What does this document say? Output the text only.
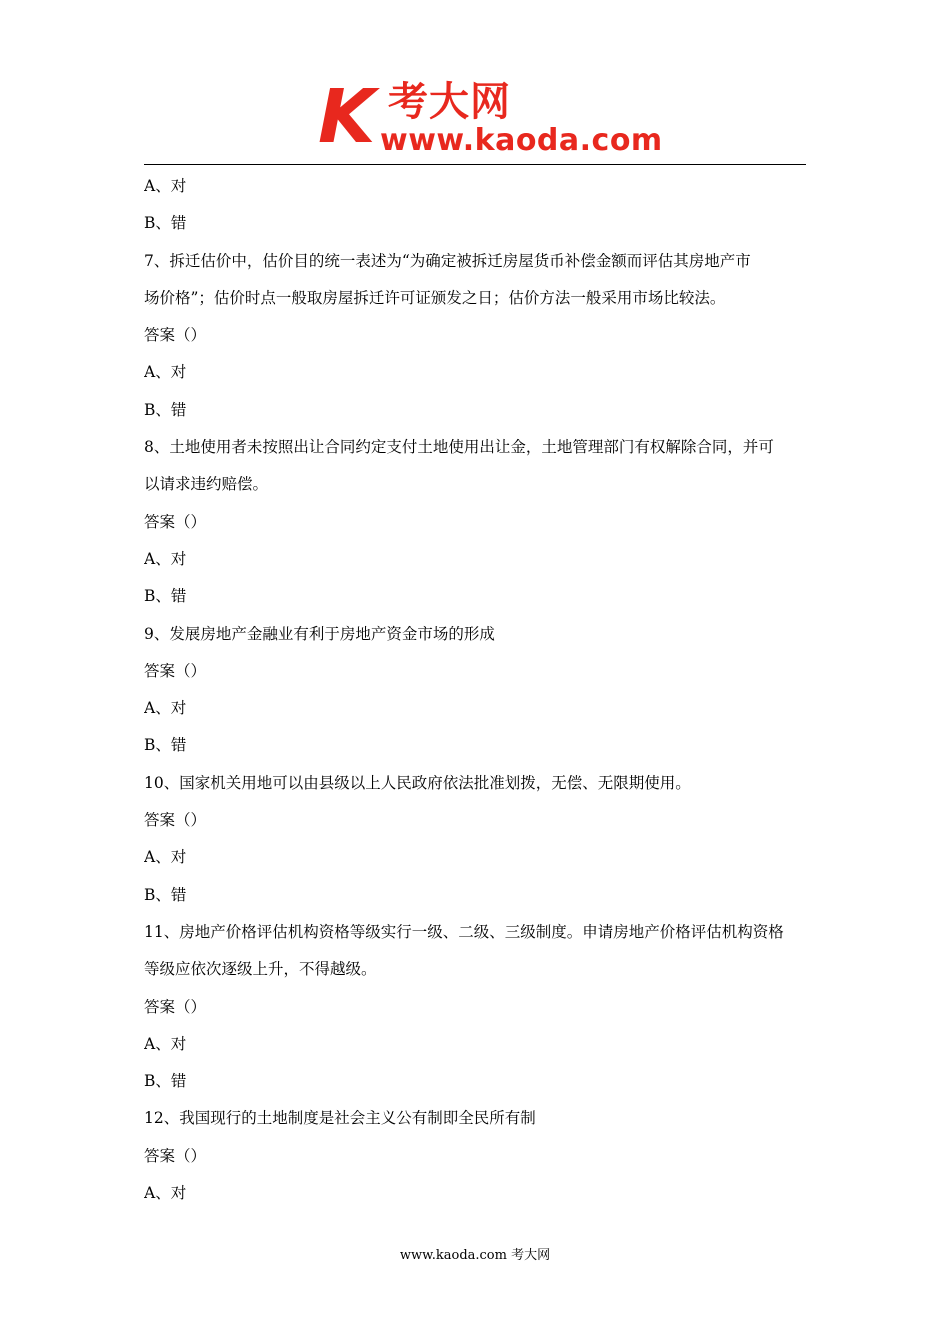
K 考大网
www.kaoda.com
A、对
B、错
7、拆迁估价中，估价目的统一表述为“为确定被拆迁房屋货币补偿金额而评估其房地产市
场价格”；估价时点一般取房屋拆迁许可证颁发之日；估价方法一般采用市场比较法。
答案（）
A、对
B、错
8、土地使用者未按照出让合同约定支付土地使用出让金，土地管理部门有权解除合同，并可
以请求违约赔偿。
答案（）
A、对
B、错
9、发展房地产金融业有利于房地产资金市场的形成
答案（）
A、对
B、错
10、国家机关用地可以由县级以上人民政府依法批准划拨，无偿、无限期使用。
答案（）
A、对
B、错
11、房地产价格评估机构资格等级实行一级、二级、三级制度。申请房地产价格评估机构资格
等级应依次逐级上升，不得越级。
答案（）
A、对
B、错
12、我国现行的土地制度是社会主义公有制即全民所有制
答案（）
A、对
www.kaoda.com 考大网
